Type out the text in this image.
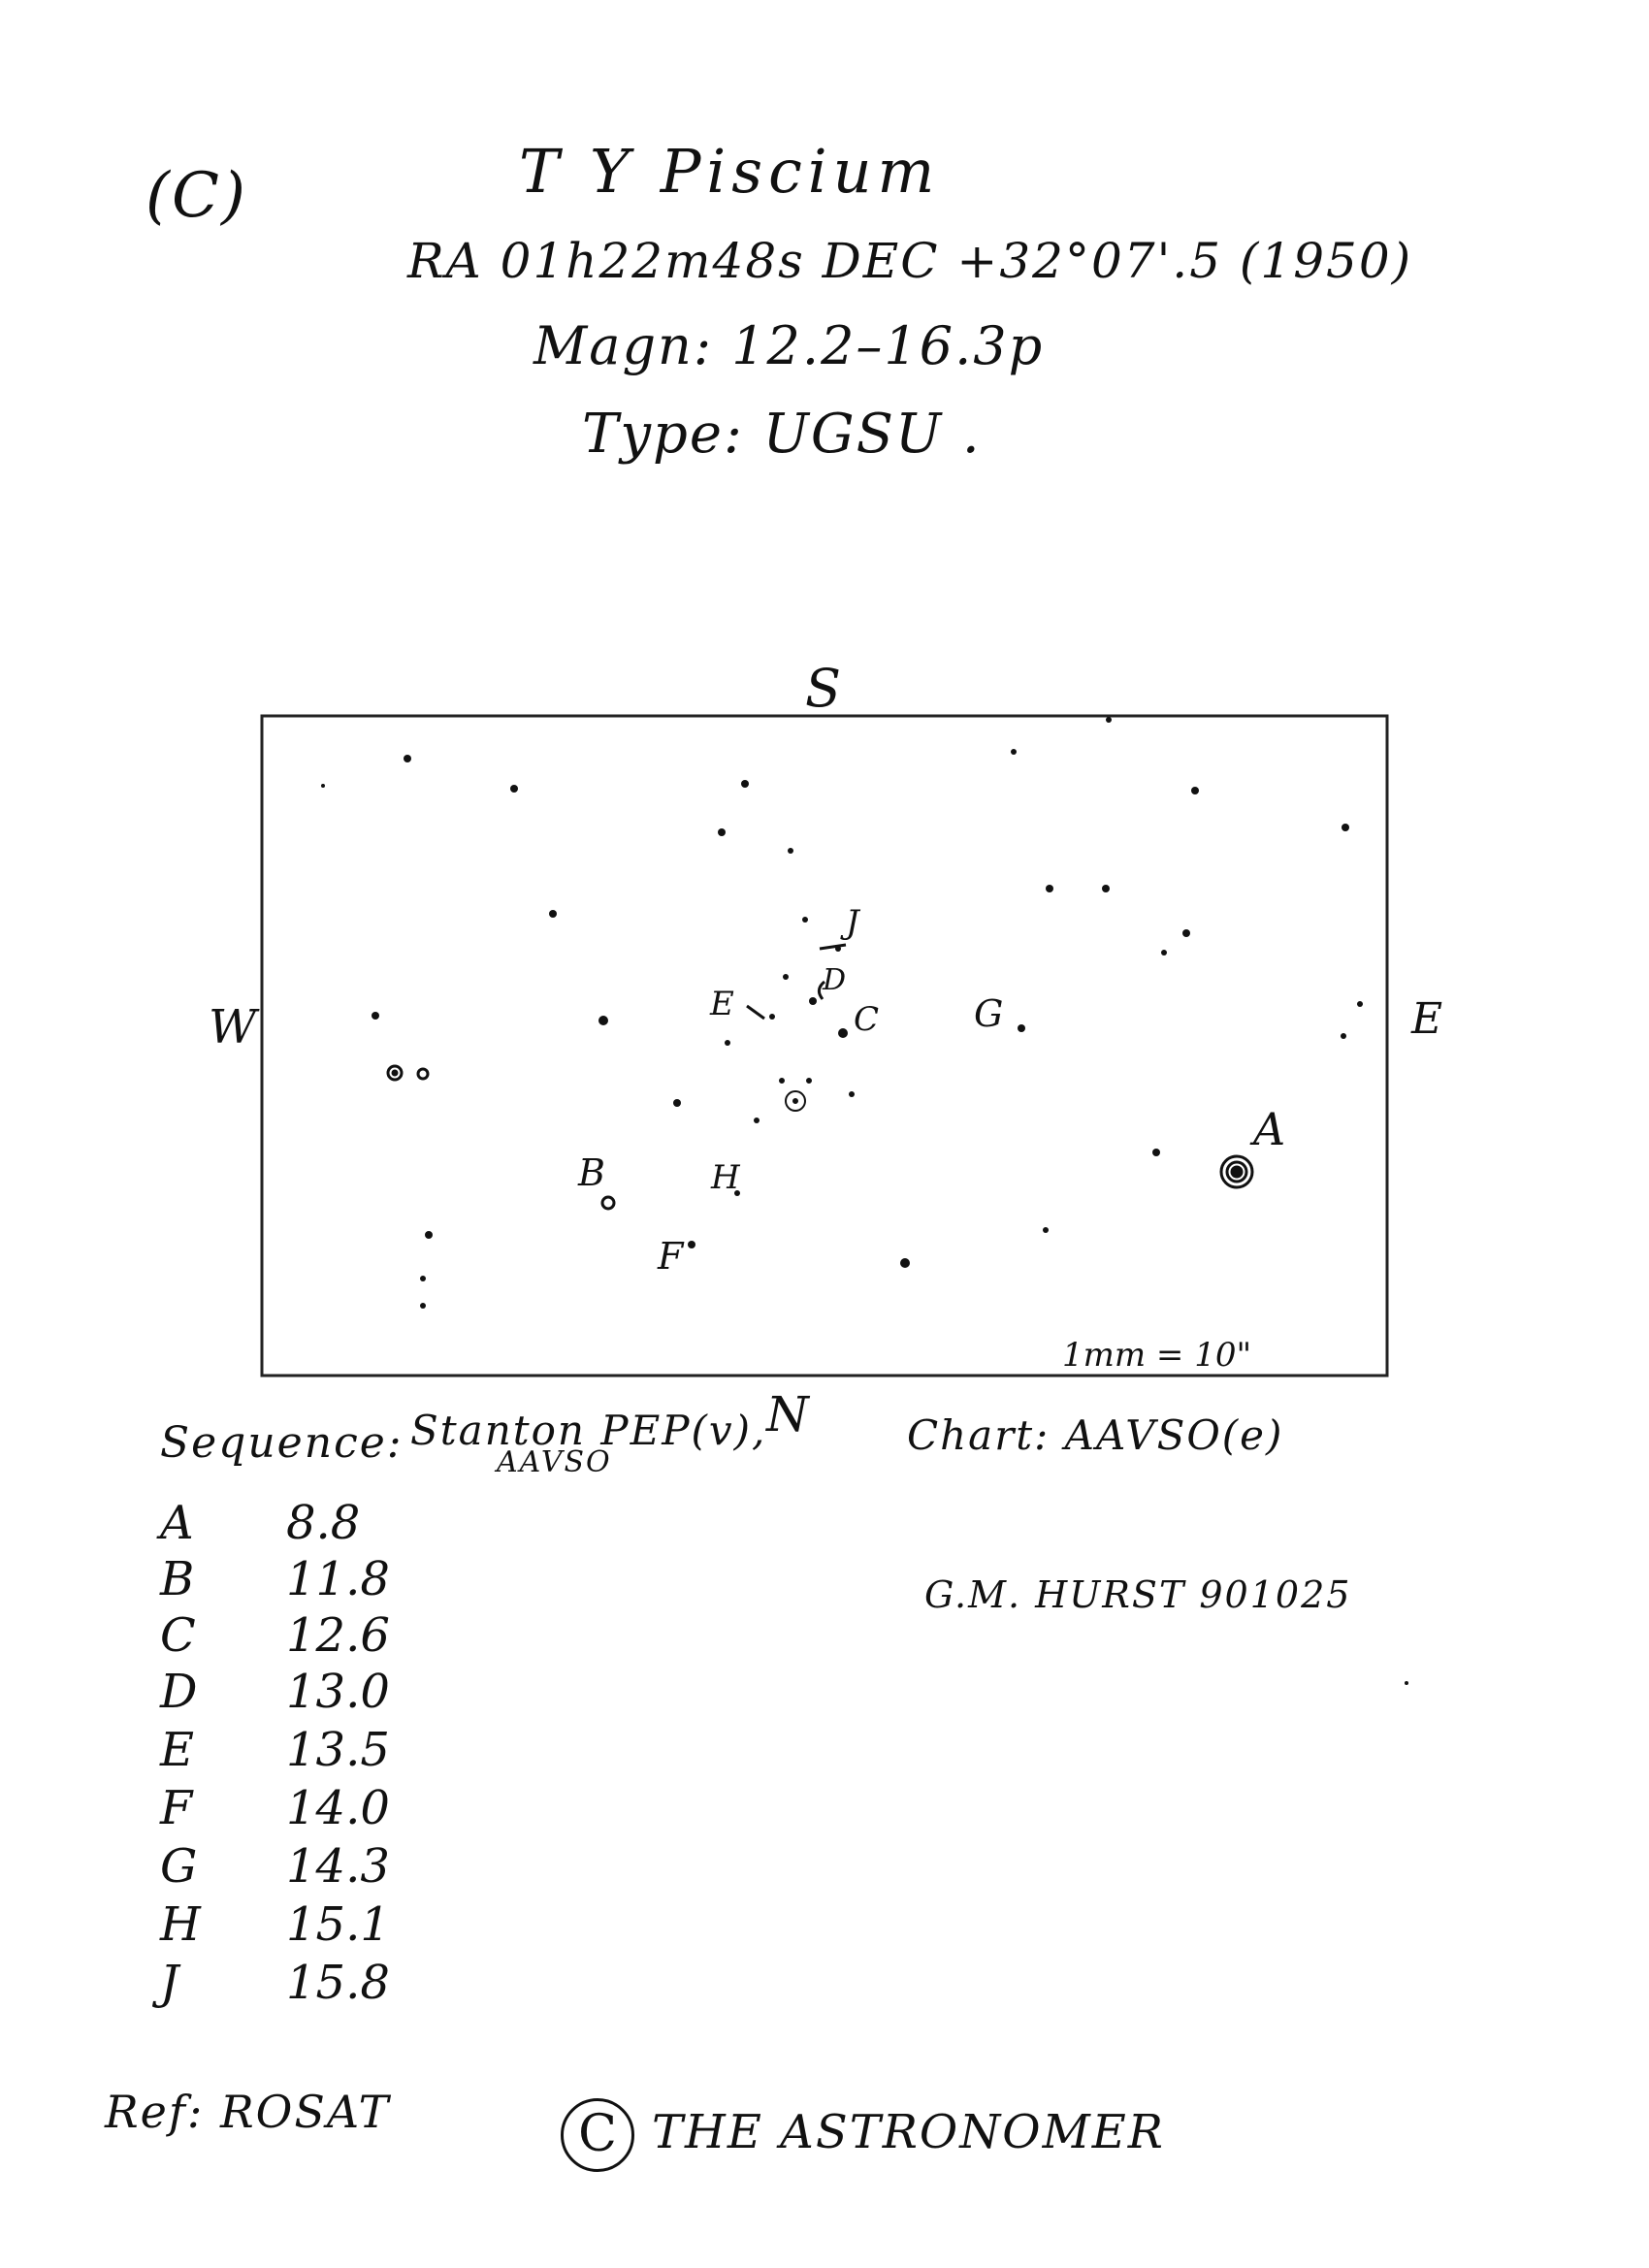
(C)	T Y Piscium
RA 01h22m48s DEC +32°07'.5 (1950)
Magn: 12.2–16.3p
Type: UGSU .
S
N
W	E
1mm = 10"
A
B
C
D
E
F
G
H
J
Sequence: Stanton PEP(v),
AAVSO
Chart: AAVSO(e)
G.M. HURST 901025
A 8.8
B 11.8
C 12.6
D 13.0
E 13.5
F 14.0
G 14.3
H 15.1
J 15.8
Ref: ROSAT	C THE ASTRONOMER
